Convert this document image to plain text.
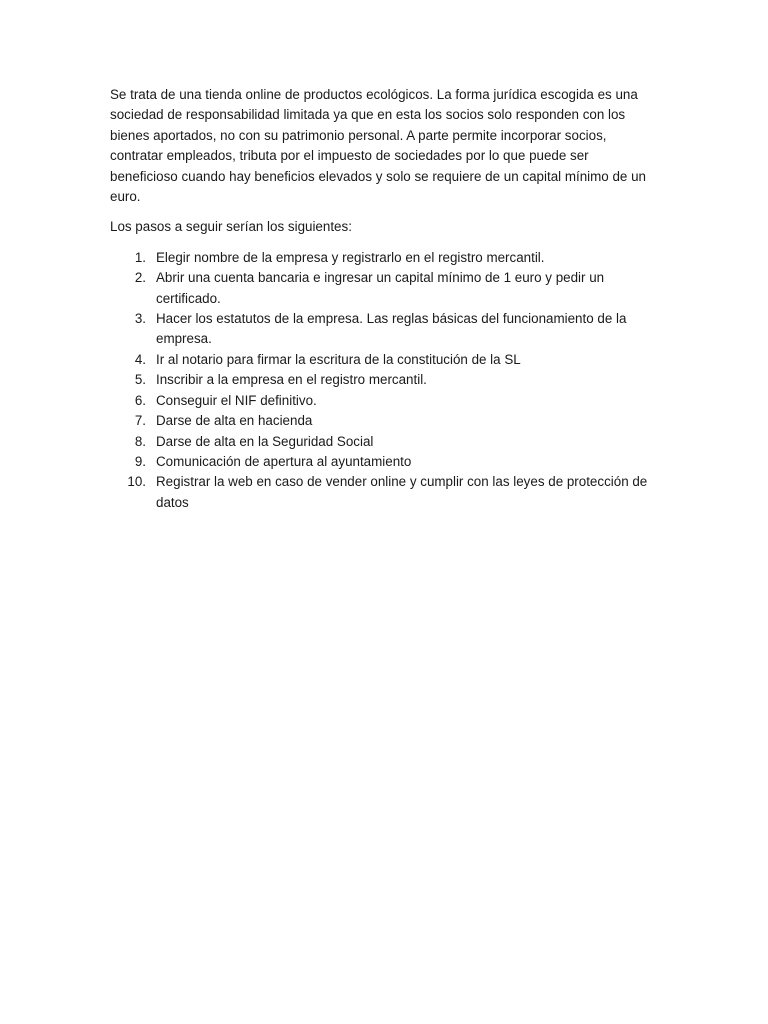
Se trata de una tienda online de productos ecológicos. La forma jurídica escogida es una sociedad de responsabilidad limitada ya que en esta los socios solo responden con los bienes aportados, no con su patrimonio personal. A parte permite incorporar socios, contratar empleados, tributa por el impuesto de sociedades por lo que puede ser beneficioso cuando hay beneficios elevados y solo se requiere de un capital mínimo de un euro.

Los pasos a seguir serían los siguientes:

1. Elegir nombre de la empresa y registrarlo en el registro mercantil.
2. Abrir una cuenta bancaria e ingresar un capital mínimo de 1 euro y pedir un certificado.
3. Hacer los estatutos de la empresa. Las reglas básicas del funcionamiento de la empresa.
4. Ir al notario para firmar la escritura de la constitución de la SL
5. Inscribir a la empresa en el registro mercantil.
6. Conseguir el NIF definitivo.
7. Darse de alta en hacienda
8. Darse de alta en la Seguridad Social
9. Comunicación de apertura al ayuntamiento
10. Registrar la web en caso de vender online y cumplir con las leyes de protección de datos
